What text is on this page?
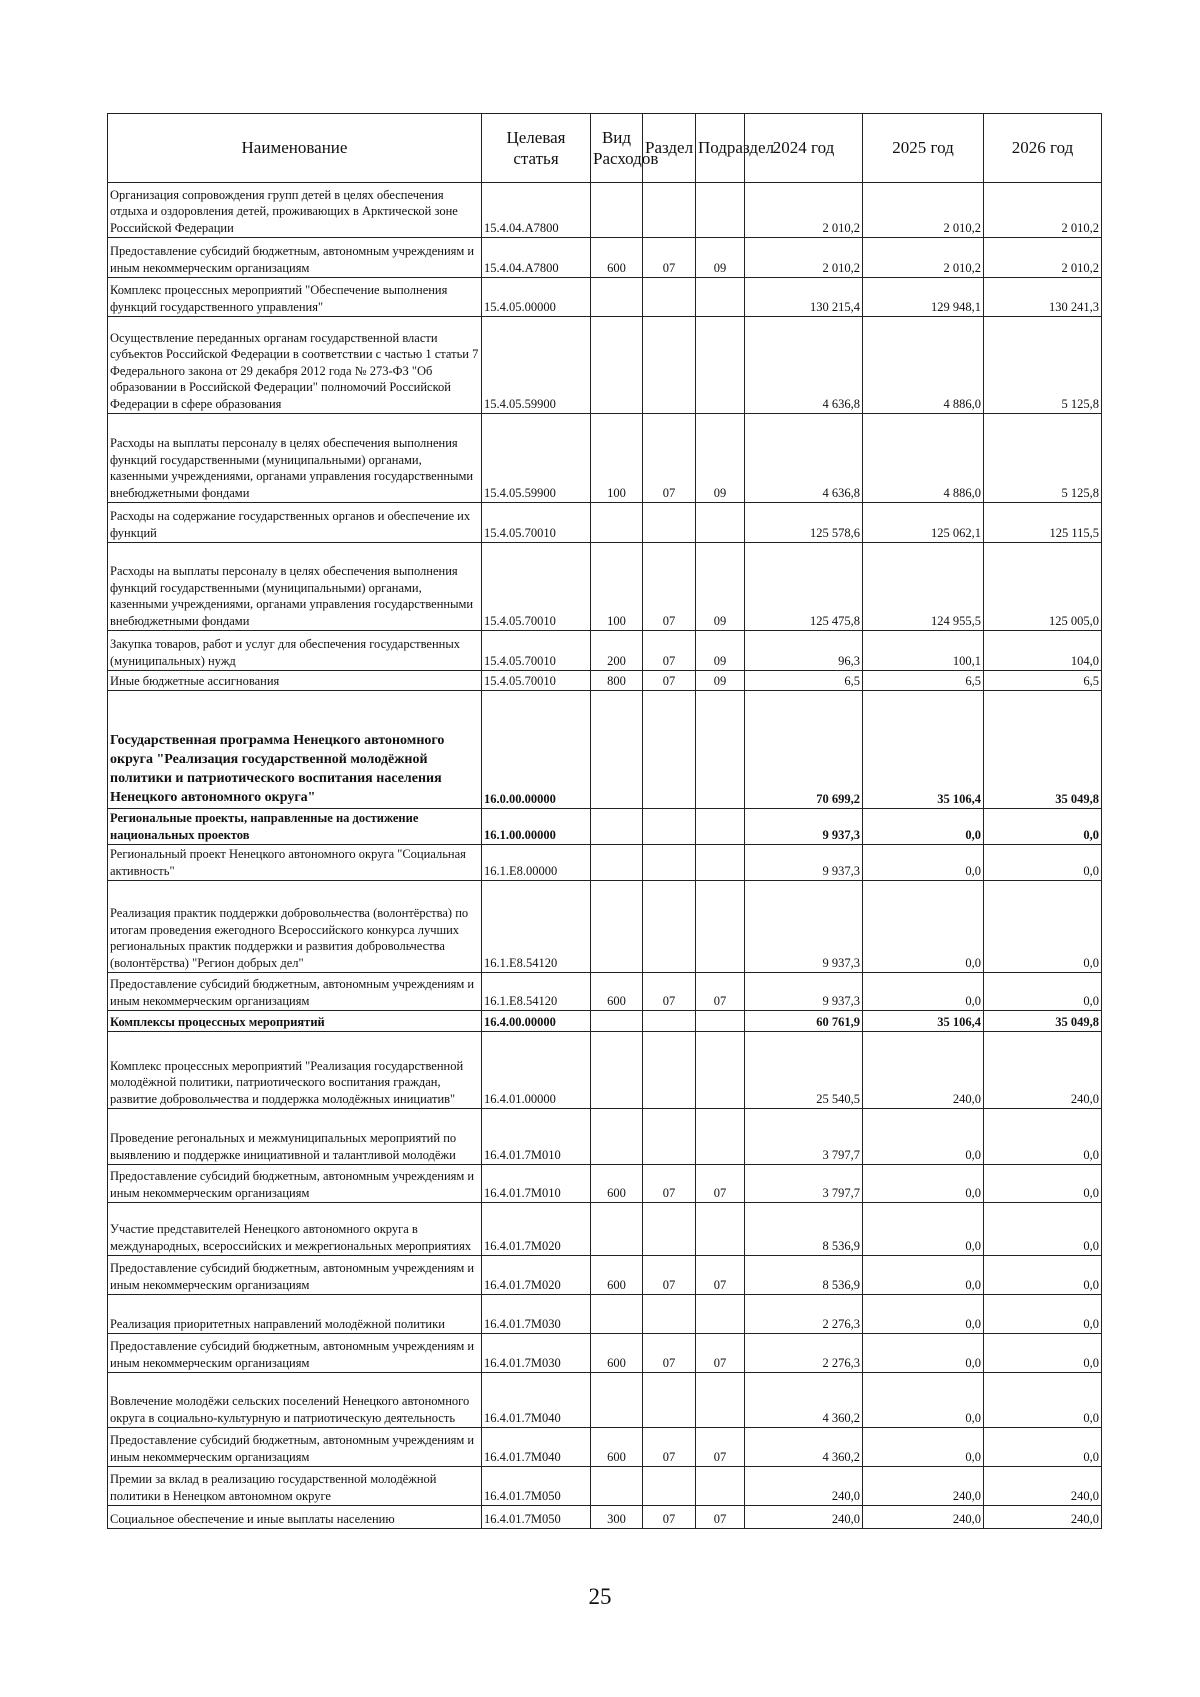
Наименование	Целевая статья	Вид Расходов	Раздел	Подраздел	2024 год	2025 год	2026 год
Организация сопровождения групп детей в целях обеспечения отдыха и оздоровления детей, проживающих в Арктической зоне Российской Федерации	15.4.04.А7800				2 010,2	2 010,2	2 010,2
Предоставление субсидий бюджетным, автономным учреждениям и иным некоммерческим организациям	15.4.04.А7800	600	07	09	2 010,2	2 010,2	2 010,2
Комплекс процессных мероприятий "Обеспечение выполнения функций государственного управления"	15.4.05.00000				130 215,4	129 948,1	130 241,3
Осуществление переданных органам государственной власти субъектов Российской Федерации в соответствии с частью 1 статьи 7 Федерального закона от 29 декабря 2012 года № 273-ФЗ "Об образовании в Российской Федерации" полномочий Российской Федерации в сфере образования	15.4.05.59900				4 636,8	4 886,0	5 125,8
Расходы на выплаты персоналу в целях обеспечения выполнения функций государственными (муниципальными) органами, казенными учреждениями, органами управления государственными внебюджетными фондами	15.4.05.59900	100	07	09	4 636,8	4 886,0	5 125,8
Расходы на содержание государственных органов и обеспечение их функций	15.4.05.70010				125 578,6	125 062,1	125 115,5
Расходы на выплаты персоналу в целях обеспечения выполнения функций государственными (муниципальными) органами, казенными учреждениями, органами управления государственными внебюджетными фондами	15.4.05.70010	100	07	09	125 475,8	124 955,5	125 005,0
Закупка товаров, работ и услуг для обеспечения государственных (муниципальных) нужд	15.4.05.70010	200	07	09	96,3	100,1	104,0
Иные бюджетные ассигнования	15.4.05.70010	800	07	09	6,5	6,5	6,5
Государственная программа Ненецкого автономного округа "Реализация государственной молодёжной политики и патриотического воспитания населения Ненецкого автономного округа"	16.0.00.00000				70 699,2	35 106,4	35 049,8
Региональные проекты, направленные на достижение национальных проектов	16.1.00.00000				9 937,3	0,0	0,0
Региональный проект Ненецкого автономного округа "Социальная активность"	16.1.Е8.00000				9 937,3	0,0	0,0
Реализация практик поддержки добровольчества (волонтёрства) по итогам проведения ежегодного Всероссийского конкурса лучших региональных практик поддержки и развития добровольчества (волонтёрства) "Регион добрых дел"	16.1.Е8.54120				9 937,3	0,0	0,0
Предоставление субсидий бюджетным, автономным учреждениям и иным некоммерческим организациям	16.1.Е8.54120	600	07	07	9 937,3	0,0	0,0
Комплексы процессных мероприятий	16.4.00.00000				60 761,9	35 106,4	35 049,8
Комплекс процессных мероприятий "Реализация государственной молодёжной политики, патриотического воспитания граждан, развитие добровольчества и поддержка молодёжных инициатив"	16.4.01.00000				25 540,5	240,0	240,0
Проведение регональных и межмуниципальных мероприятий по выявлению и поддержке инициативной и талантливой молодёжи	16.4.01.7М010				3 797,7	0,0	0,0
Предоставление субсидий бюджетным, автономным учреждениям и иным некоммерческим организациям	16.4.01.7М010	600	07	07	3 797,7	0,0	0,0
Участие представителей Ненецкого автономного округа в международных, всероссийских и межрегиональных мероприятиях	16.4.01.7М020				8 536,9	0,0	0,0
Предоставление субсидий бюджетным, автономным учреждениям и иным некоммерческим организациям	16.4.01.7М020	600	07	07	8 536,9	0,0	0,0
Реализация приоритетных направлений молодёжной политики	16.4.01.7М030				2 276,3	0,0	0,0
Предоставление субсидий бюджетным, автономным учреждениям и иным некоммерческим организациям	16.4.01.7М030	600	07	07	2 276,3	0,0	0,0
Вовлечение молодёжи сельских поселений Ненецкого автономного округа в социально-культурную и патриотическую деятельность	16.4.01.7М040				4 360,2	0,0	0,0
Предоставление субсидий бюджетным, автономным учреждениям и иным некоммерческим организациям	16.4.01.7М040	600	07	07	4 360,2	0,0	0,0
Премии за вклад в реализацию государственной молодёжной политики в Ненецком автономном округе	16.4.01.7М050				240,0	240,0	240,0
Социальное обеспечение и иные выплаты населению	16.4.01.7М050	300	07	07	240,0	240,0	240,0
25
